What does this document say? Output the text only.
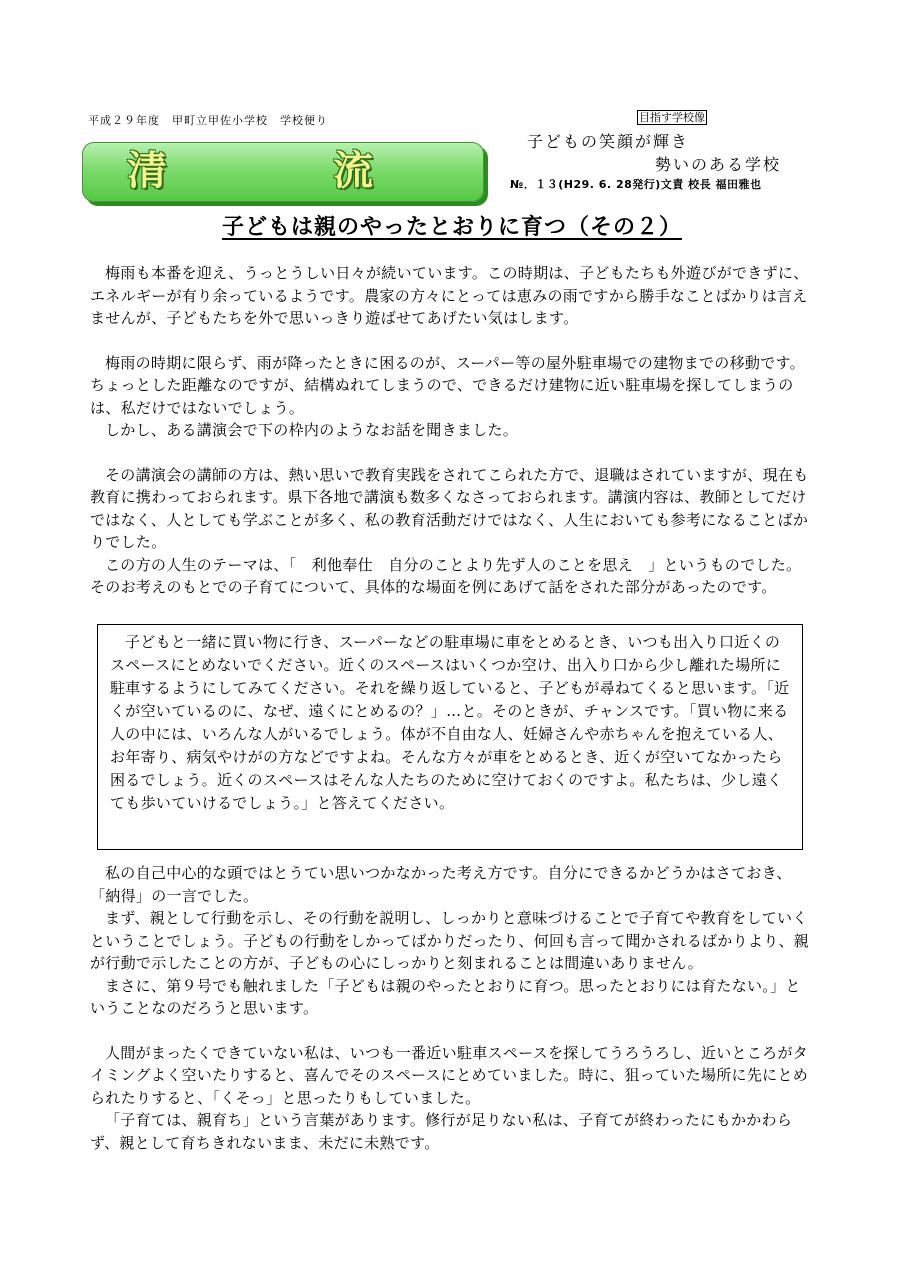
平成２９年度　甲町立甲佐小学校　学校便り	目指す学校像
子どもの笑顔が輝き
勢いのある学校
清	流	№．１３(H29. 6. 28発行)文責 校長 福田雅也
子どもは親のやったとおりに育つ（その２）

梅雨も本番を迎え、うっとうしい日々が続いています。この時期は、子どもたちも外遊びができずに、エネルギーが有り余っているようです。農家の方々にとっては恵みの雨ですから勝手なことばかりは言えませんが、子どもたちを外で思いっきり遊ばせてあげたい気はします。

梅雨の時期に限らず、雨が降ったときに困るのが、スーパー等の屋外駐車場での建物までの移動です。ちょっとした距離なのですが、結構ぬれてしまうので、できるだけ建物に近い駐車場を探してしまうのは、私だけではないでしょう。

しかし、ある講演会で下の枠内のようなお話を聞きました。

その講演会の講師の方は、熱い思いで教育実践をされてこられた方で、退職はされていますが、現在も教育に携わっておられます。県下各地で講演も数多くなさっておられます。講演内容は、教師としてだけではなく、人としても学ぶことが多く、私の教育活動だけではなく、人生においても参考になることばかりでした。

この方の人生のテーマは、「　利他奉仕　自分のことより先ず人のことを思え　」というものでした。そのお考えのもとでの子育てについて、具体的な場面を例にあげて話をされた部分があったのです。

子どもと一緒に買い物に行き、スーパーなどの駐車場に車をとめるとき、いつも出入り口近くのスペースにとめないでください。近くのスペースはいくつか空け、出入り口から少し離れた場所に駐車するようにしてみてください。それを繰り返していると、子どもが尋ねてくると思います。「近くが空いているのに、なぜ、遠くにとめるの？」…と。そのときが、チャンスです。「買い物に来る人の中には、いろんな人がいるでしょう。体が不自由な人、妊婦さんや赤ちゃんを抱えている人、お年寄り、病気やけがの方などですよね。そんな方々が車をとめるとき、近くが空いてなかったら困るでしょう。近くのスペースはそんな人たちのために空けておくのですよ。私たちは、少し遠くても歩いていけるでしょう。」と答えてください。

私の自己中心的な頭ではとうてい思いつかなかった考え方です。自分にできるかどうかはさておき、「納得」の一言でした。

まず、親として行動を示し、その行動を説明し、しっかりと意味づけることで子育てや教育をしていくということでしょう。子どもの行動をしかってばかりだったり、何回も言って聞かされるばかりより、親が行動で示したことの方が、子どもの心にしっかりと刻まれることは間違いありません。

まさに、第９号でも触れました「子どもは親のやったとおりに育つ。思ったとおりには育たない。」ということなのだろうと思います。

人間がまったくできていない私は、いつも一番近い駐車スペースを探してうろうろし、近いところがタイミングよく空いたりすると、喜んでそのスペースにとめていました。時に、狙っていた場所に先にとめられたりすると、「くそっ」と思ったりもしていました。

「子育ては、親育ち」という言葉があります。修行が足りない私は、子育てが終わったにもかかわらず、親として育ちきれないまま、未だに未熟です。
